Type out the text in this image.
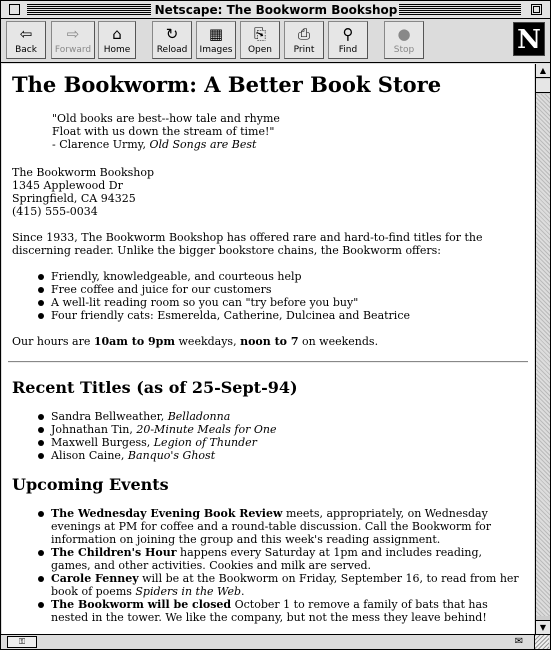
Netscape: The Bookworm Bookshop
⇦
Back
⇨
Forward
⌂
Home
↻
Reload
▦
Images
⎘
Open
⎙
Print
⚲
Find
●
Stop	N
The Bookworm: A Better Book Store
"Old books are best--how tale and rhyme
Float with us down the stream of time!"
- Clarence Urmy, Old Songs are Best

The Bookworm Bookshop
1345 Applewood Dr
Springfield, CA 94325
(415) 555-0034

Since 1933, The Bookworm Bookshop has offered rare and hard-to-find titles for the discerning reader. Unlike the bigger bookstore chains, the Bookworm offers:

Friendly, knowledgeable, and courteous help
Free coffee and juice for our customers
A well-lit reading room so you can "try before you buy"
Four friendly cats: Esmerelda, Catherine, Dulcinea and Beatrice

Our hours are 10am to 9pm weekdays, noon to 7 on weekends.

Recent Titles (as of 25-Sept-94)
Sandra Bellweather, Belladonna
Johnathan Tin, 20-Minute Meals for One
Maxwell Burgess, Legion of Thunder
Alison Caine, Banquo's Ghost
Upcoming Events
The Wednesday Evening Book Review meets, appropriately, on Wednesday evenings at PM for coffee and a round-table discussion. Call the Bookworm for information on joining the group and this week's reading assignment.
The Children's Hour happens every Saturday at 1pm and includes reading, games, and other activities. Cookies and milk are served.
Carole Fenney will be at the Bookworm on Friday, September 16, to read from her book of poems Spiders in the Web.
The Bookworm will be closed October 1 to remove a family of bats that has nested in the tower. We like the company, but not the mess they leave behind!
▲
▼
⚿	✉
